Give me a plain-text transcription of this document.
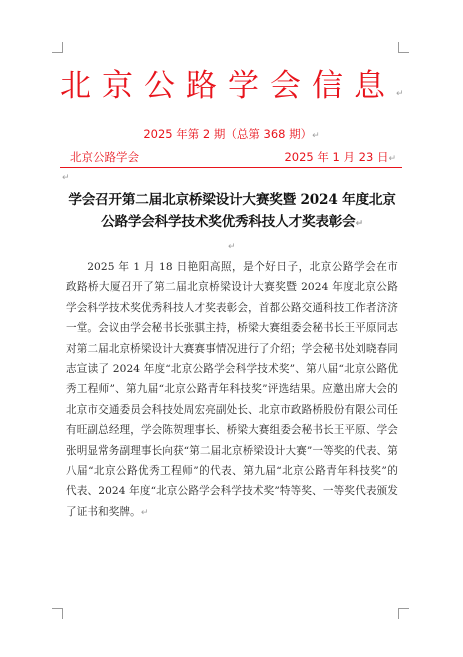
北京公路学会信息↵
2025 年第 2 期（总第 368 期）↵
北京公路学会	2025 年 1 月 23 日↵
↵
学会召开第二届北京桥梁设计大赛奖暨 2024 年度北京公路学会科学技术奖优秀科技人才奖表彰会↵
↵
2025 年 1 月 18 日艳阳高照，是个好日子，北京公路学会在市政路桥大厦召开了第二届北京桥梁设计大赛奖暨 2024 年度北京公路学会科学技术奖优秀科技人才奖表彰会，首都公路交通科技工作者济济一堂。会议由学会秘书长张骐主持，桥梁大赛组委会秘书长王平原同志对第二届北京桥梁设计大赛赛事情况进行了介绍；学会秘书处刘晓春同志宣读了 2024 年度“北京公路学会科学技术奖”、第八届“北京公路优秀工程师”、第九届“北京公路青年科技奖”评选结果。应邀出席大会的北京市交通委员会科技处周宏亮副处长、北京市政路桥股份有限公司任有旺副总经理，学会陈贺理事长、桥梁大赛组委会秘书长王平原、学会张明显常务副理事长向获“第二届北京桥梁设计大赛”一等奖的代表、第八届“北京公路优秀工程师”的代表、第九届“北京公路青年科技奖”的代表、2024 年度“北京公路学会科学技术奖”特等奖、一等奖代表颁发了证书和奖牌。↵
